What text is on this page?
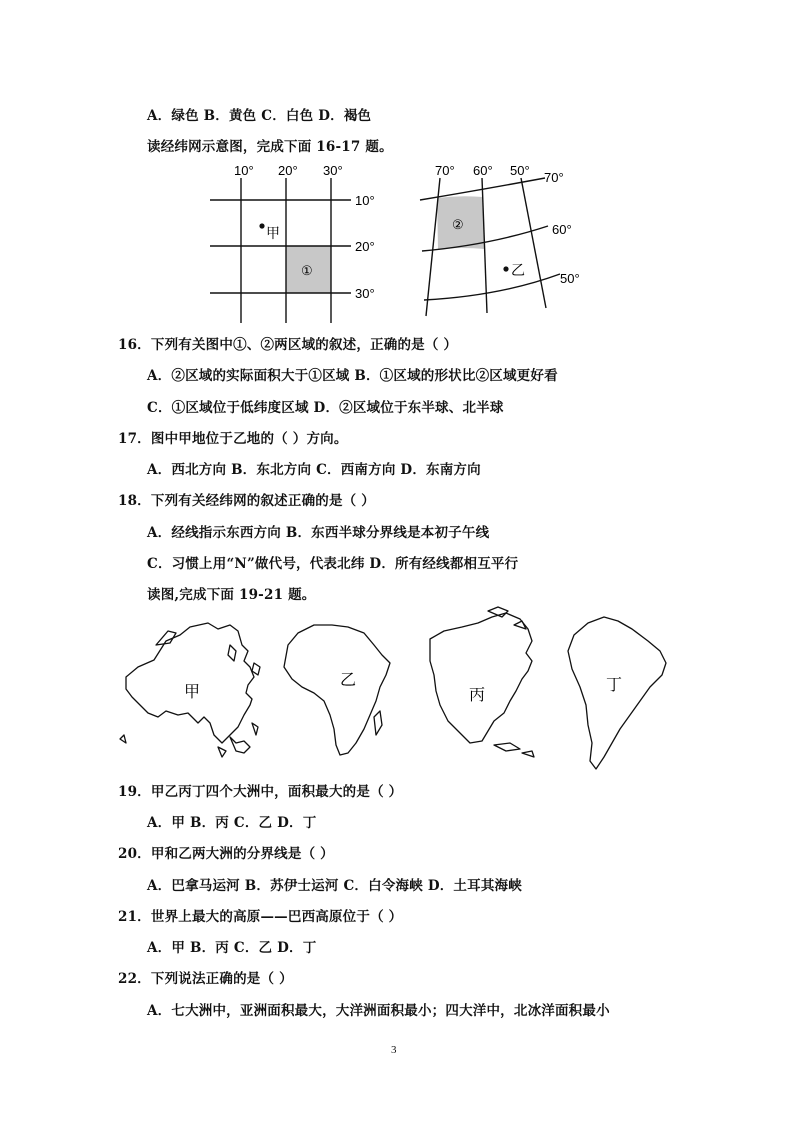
A．绿色 B．黄色 C．白色 D．褐色
读经纬网示意图，完成下面 16-17 题。
10° 20° 30°
10°
20°
30°
甲
①
70° 60° 50° 70°
60°
50°
②
乙
16．下列有关图中①、②两区域的叙述，正确的是（ ）
A．②区域的实际面积大于①区域 B．①区域的形状比②区域更好看
C．①区域位于低纬度区域 D．②区域位于东半球、北半球
17．图中甲地位于乙地的（ ）方向。
A．西北方向 B．东北方向 C．西南方向 D．东南方向
18．下列有关经纬网的叙述正确的是（ ）
A．经线指示东西方向 B．东西半球分界线是本初子午线
C．习惯上用“N”做代号，代表北纬 D．所有经线都相互平行
读图,完成下面 19-21 题。
甲
乙
丙
丁
19．甲乙丙丁四个大洲中，面积最大的是（ ）
A．甲 B．丙 C．乙 D．丁
20．甲和乙两大洲的分界线是（ ）
A．巴拿马运河 B．苏伊士运河 C．白令海峡 D．土耳其海峡
21．世界上最大的高原——巴西高原位于（ ）
A．甲 B．丙 C．乙 D．丁
22．下列说法正确的是（ ）
A．七大洲中，亚洲面积最大，大洋洲面积最小；四大洋中，北冰洋面积最小
3
